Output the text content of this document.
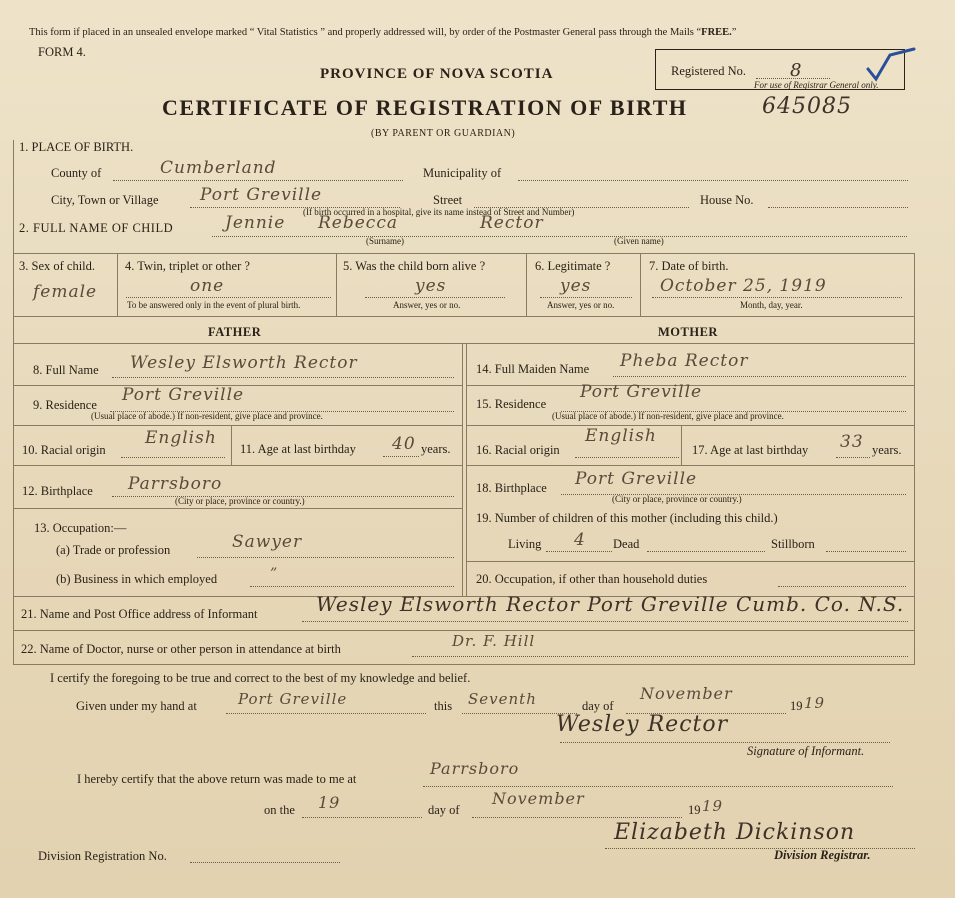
This form if placed in an unsealed envelope marked “ Vital Statistics ” and properly addressed will, by order of the Postmaster General pass through the Mails “FREE.”
FORM 4.
PROVINCE OF NOVA SCOTIA
CERTIFICATE OF REGISTRATION OF BIRTH	645085
(BY PARENT OR GUARDIAN)
Registered No. 8
For use of Registrar General only.
1. PLACE OF BIRTH.
County of	Cumberland	Municipality of
City, Town or Village Port Greville	Street	House No.
(If birth occurred in a hospital, give its name instead of Street and Number)
2. FULL NAME OF CHILD	Jennie Rebecca	Rector
(Surname)	(Given name)
3. Sex of child.
female
4. Twin, triplet or other ?
one
To be answered only in the event of plural birth.
5. Was the child born alive ?
yes
Answer, yes or no.
6. Legitimate ?
yes
Answer, yes or no.
7. Date of birth.
October 25, 1919
Month, day, year.
FATHER	MOTHER
8. Full Name Wesley Elsworth Rector
9. Residence Port Greville
(Usual place of abode.) If non-resident, give place and province.
10. Racial origin
English
11. Age at last birthday 40 years.
12. Birthplace Parrsboro
(City or place, province or country.)
13. Occupation:—
(a) Trade or profession	Sawyer
(b) Business in which employed	”
14. Full Maiden Name Pheba Rector
15. Residence
Port Greville
(Usual place of abode.) If non-resident, give place and province.
16. Racial origin
English
17. Age at last birthday 33 years.
18. Birthplace Port Greville
(City or place, province or country.)
19. Number of children of this mother (including this child.)
Living 4 Dead	Stillborn
20. Occupation, if other than household duties
21. Name and Post Office address of Informant	Wesley Elsworth Rector Port Greville Cumb. Co. N.S.
22. Name of Doctor, nurse or other person in attendance at birth	Dr. F. Hill
I certify the foregoing to be true and correct to the best of my knowledge and belief.
Given under my hand at	Port Greville	this Seventh	day of
November
19 19
Wesley Rector
Signature of Informant.
I hereby certify that the above return was made to me at
Parrsboro
on the 19	day of
November
19 19
Elizabeth Dickinson
Division Registrar.
Division Registration No.
